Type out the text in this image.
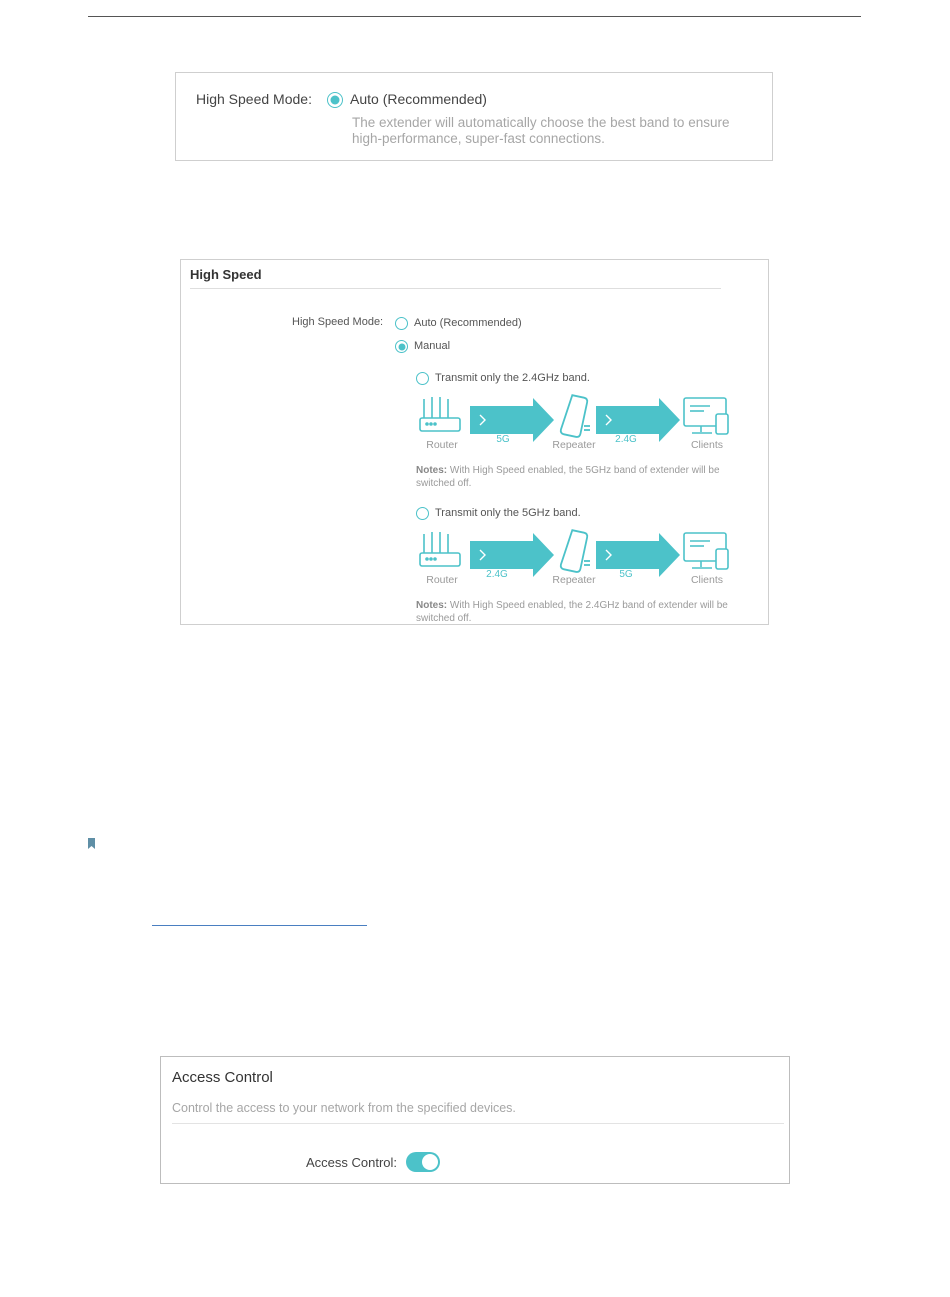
High Speed Mode:	Auto (Recommended)
The extender will automatically choose the best band to ensure
high-performance, super-fast connections.
High Speed
High Speed Mode:	Auto (Recommended)
Manual
Transmit only the 2.4GHz band.
Router	5G	Repeater	2.4G	Clients
Notes: With High Speed enabled, the 5GHz band of extender will be
switched off.
Transmit only the 5GHz band.
Router	2.4G	Repeater	5G	Clients
Notes: With High Speed enabled, the 2.4GHz band of extender will be
switched off.
Access Control
Control the access to your network from the specified devices.
Access Control:
